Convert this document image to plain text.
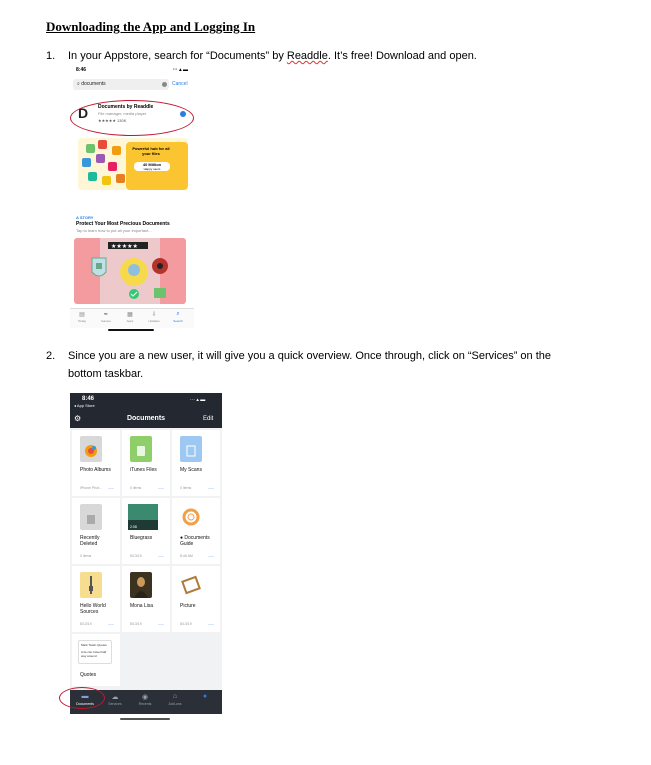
Downloading the App and Logging In
1. In your Appstore, search for “Documents” by Readdle. It’s free! Download and open.
8:46	··· ▴ ▬
⌕ documents	Cancel
D	Documents by Readdle
File manager, media player
★★★★★ 130K
Powerful hub for all your files
40 Million
Happy users
A STORY
Protect Your Most Precious Documents
Tap to learn how to put all your important...
★★★★★
▤
Today
✒
Games
▦
Apps
⇩
Updates
⌕
Search
2. Since you are a new user, it will give you a quick overview. Once through, click on “Services” on the
bottom taskbar.
8:46
◂ App Store
··· ▴ ▬
⚙	Documents	Edit
Photo Albums
iPhone Phot... ···
iTunes Files
0 items	···
My Scans
0 items	···
Recently Deleted
0 items
2:08
Bluegrass
8/13/19	···
● Documents Guide
8:46 AM	···
Hello World Sources
8/13/19	···
Mona Lisa
8/13/19	···
Picture
8/13/19	···
Mark Twain Quotes
A lie can travel half way around
Quotes
▬
Documents
☁
Services
◉
Recents
⌂
Add-ons
●
